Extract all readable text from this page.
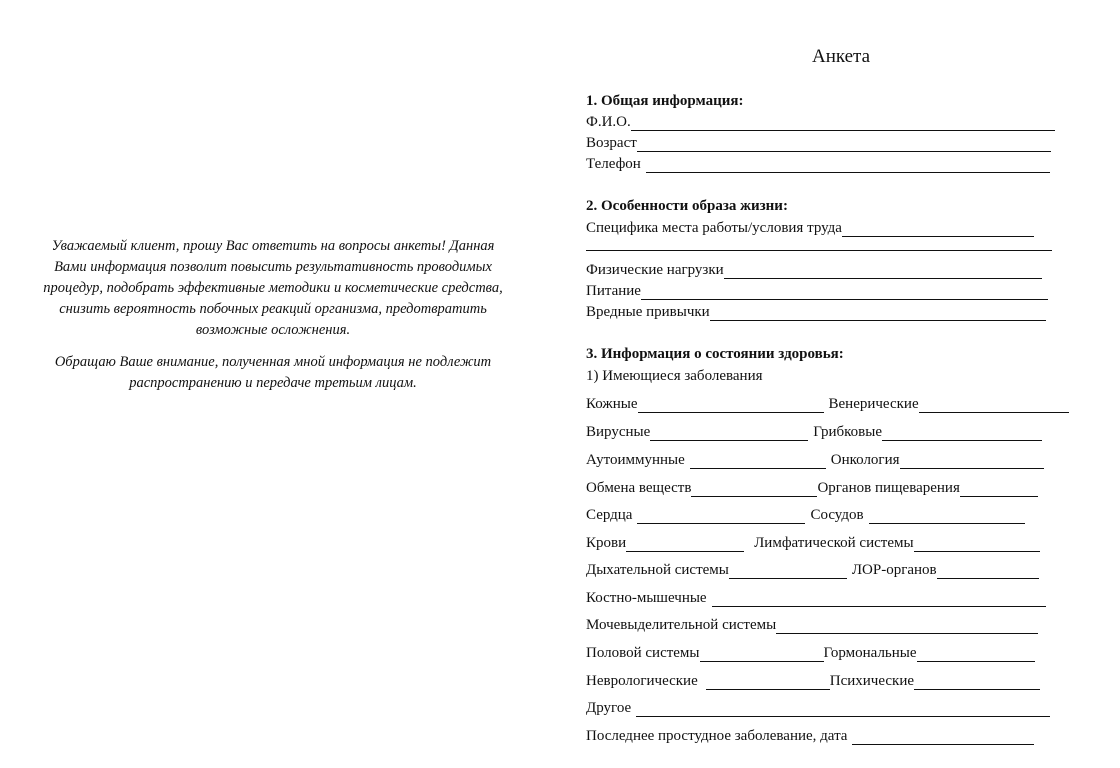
Уважаемый клиент, прошу Вас ответить на вопросы анкеты! Данная Вами информация позволит повысить результативность проводимых процедур, подобрать эффективные методики и косметические средства, снизить вероятность побочных реакций организма, предотвратить возможные осложнения.

Обращаю Ваше внимание, полученная мной информация не подлежит распространению и передаче третьим лицам.

Анкета
1. Общая информация:
Ф.И.О.
Возраст
Телефон
2. Особенности образа жизни:
Специфика места работы/условия труда
Физические нагрузки
Питание
Вредные привычки
3. Информация о состоянии здоровья:
1) Имеющиеся заболевания
Кожные	Венерические
Вирусные	Грибковые
Аутоиммунные	Онкология
Обмена веществ	Органов пищеварения
Сердца	Сосудов
Крови	Лимфатической системы
Дыхательной системы	ЛОР-органов
Костно-мышечные
Мочевыделительной системы
Половой системы	Гормональные
Неврологические	Психические
Другое
Последнее простудное заболевание, дата
